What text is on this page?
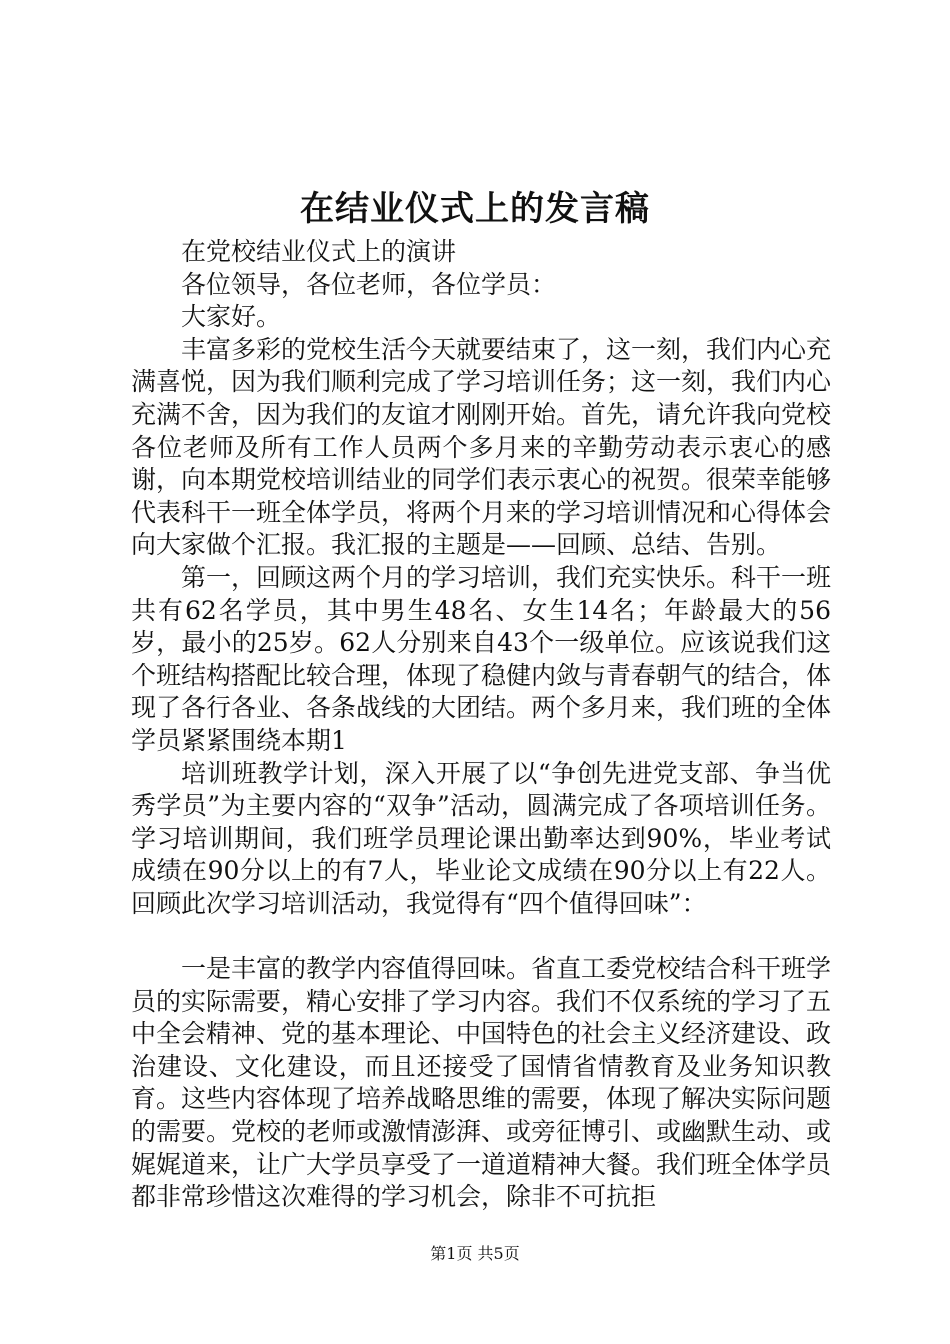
在结业仪式上的发言稿

在党校结业仪式上的演讲

各位领导，各位老师，各位学员：

大家好。

丰富多彩的党校生活今天就要结束了，这一刻，我们内心充满喜悦，因为我们顺利完成了学习培训任务；这一刻，我们内心充满不舍，因为我们的友谊才刚刚开始。首先，请允许我向党校各位老师及所有工作人员两个多月来的辛勤劳动表示衷心的感谢，向本期党校培训结业的同学们表示衷心的祝贺。很荣幸能够代表科干一班全体学员，将两个月来的学习培训情况和心得体会向大家做个汇报。我汇报的主题是——回顾、总结、告别。

第一，回顾这两个月的学习培训，我们充实快乐。科干一班共有62名学员，其中男生48名、女生14名；年龄最大的56岁，最小的25岁。62人分别来自43个一级单位。应该说我们这个班结构搭配比较合理，体现了稳健内敛与青春朝气的结合，体现了各行各业、各条战线的大团结。两个多月来，我们班的全体学员紧紧围绕本期1

培训班教学计划，深入开展了以“争创先进党支部、争当优秀学员”为主要内容的“双争”活动，圆满完成了各项培训任务。学习培训期间，我们班学员理论课出勤率达到90%，毕业考试成绩在90分以上的有7人，毕业论文成绩在90分以上有22人。回顾此次学习培训活动，我觉得有“四个值得回味”：

一是丰富的教学内容值得回味。省直工委党校结合科干班学员的实际需要，精心安排了学习内容。我们不仅系统的学习了五中全会精神、党的基本理论、中国特色的社会主义经济建设、政治建设、文化建设，而且还接受了国情省情教育及业务知识教育。这些内容体现了培养战略思维的需要，体现了解决实际问题的需要。党校的老师或激情澎湃、或旁征博引、或幽默生动、或娓娓道来，让广大学员享受了一道道精神大餐。我们班全体学员都非常珍惜这次难得的学习机会，除非不可抗拒

第1页 共5页
